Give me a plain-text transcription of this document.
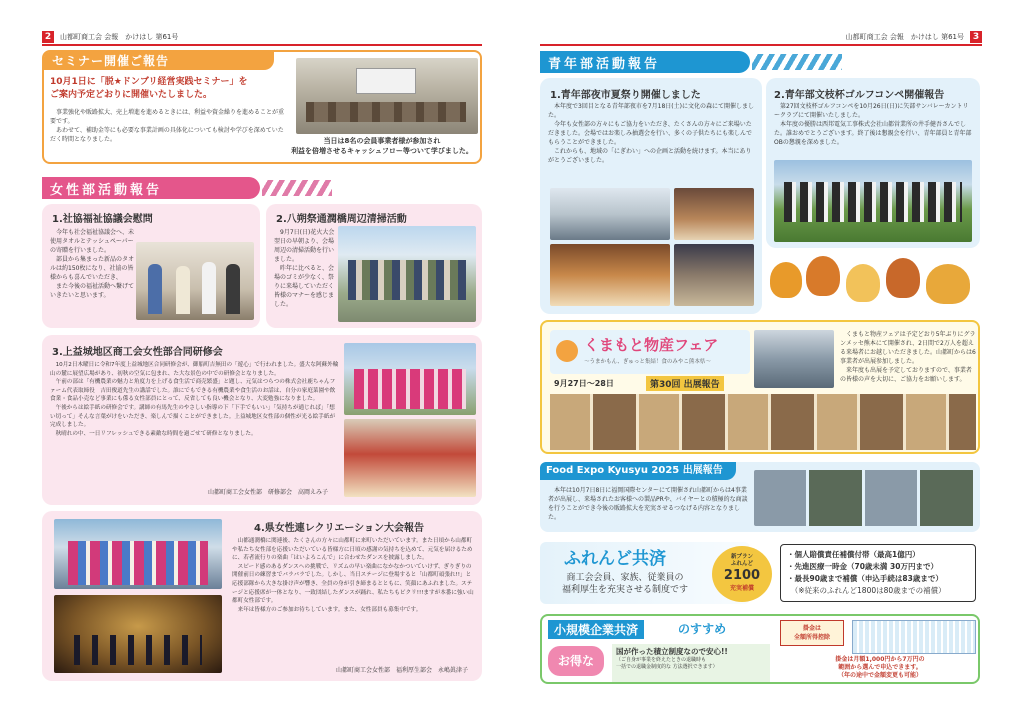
2	山都町商工会 会報　かけはし 第61号
セミナー開催ご報告
10月1日に「脱★ドンブリ経営実践セミナー」を
ご案内予定どおりに開催いたしました。
　事業強化や販路拡大、売上増進を進めるときには、利益や資金繰りを進めることが重要です。
　あわせて、補助金等にも必要な事業計画の具体化についても検討や学びを深めていただく時間となりました。	当日は8名の会員事業者様が参加され
利益を倍増させるキャッシュフロー等ついて学びました。
女性部活動報告
1.社協福祉協議会慰問
　今年も社会福祉協議会へ、未使用タオルとテッシュペーパーの寄贈を行いました。
　部員から集まった新品のタオルは約150枚になり、社協の皆様からも喜んでいただき、
　また今後の福祉活動へ繋げていきたいと思います。
2.八朔祭通潤橋周辺清掃活動
　9月7日(日)花火大会翌日の早朝より、会場周辺の清掃活動を行いました。
　昨年に比べると、会場のゴミが少なく、祭りに来場していただく皆様のマナーを感じました。
3.上益城地区商工会女性部合同研修会
　10月2日木曜日に令和7年度上益城地区合同研修会が、御船町吉無田の「遊心」で行われました。盛大な阿蘇外輪山の麓に展望広場があり、初秋の空気に包まれ、た大な景色の中での研修会となりました。
　午前の部は「有機農業の魅力と角度力を上げる食生活で商売繁盛」と題し、元気はつらつの株式会社鹿ちゃんファーム代表取締役　吉田俊道先生の講話でした。誰にでもできる有機農業や食生活のお話は、自分の家庭菜園や飲食業・食品小売など事業にも係る女性部員にとって、反省しても良い機会となり、大変勉強になりました。
　午後からは絵手紙の研修会です。講師の有馬先生のやさしい指導の下「下手でもいい」「気持ちが通じれば」「想い切って」そんな言葉がけをいただき、楽しんで描くことができました。上益城地区女性部の個性が光る絵手紙が完成しました。
　秋晴れの中、一日リフレッシュできる素敵な時間を過ごせて研修となりました。
山都町商工会女性部　研修部会　高岡えみ子
4.県女性連レクリエーション大会報告
　山都通潤橋に関連後、たくさんの方々に山都町に来町いただいています。また日頃から山都町や私たち女性部を応援いただいている皆様方に日頃の感謝の気持ちを込めて、元気を届けるために、若者流行りの楽曲「はいよろこんで」に合わせたダンスを披露しました。
　スピード感のあるダンスへの挑戦で、リズムの早い楽曲になかなかついていけず、ぎりぎりの開催前日の練習までバラバラでした。しかし、当日ステージに登場すると「山都町頑張れ!!」と応援部隊から大きな掛け声が響き、全員の身が引き締まるとともに、笑顔にあふれました。ステージと応援席が一体となり、一致団結したダンスが踊れ、私たちもピクリ!!!ますが本番に強い山都町女性部です。
　来年は皆様方のご参加お待ちしています。また、女性部員も募集中です。
山都町商工会女性部　福利厚生部会　永嶋眞津子
山都町商工会 会報　かけはし 第61号 3
青年部活動報告
1.青年部夜市夏祭り開催しました
　本年度で3回目となる青年部夜市を7月18日(土)に文化の森にて開催しました。
　今年も女性部の方々にもご協力をいただき、たくさんの方々にご来場いただきました。会場ではお楽しみ抽選会を行い、多くの子供たちにも楽しんでもらうことができました。
　これからも、地域の「にぎわい」への企画と活動を続けます。本当にありがとうございました。
2.青年部文枝杯ゴルフコンペ開催報告
　第27回文枝杯ゴルフコンペを10月26日(日)に矢部サンバレーカントリークラブにて開催いたしました。
　本年度の優勝は西邦電気工事株式会社山都営業所の井手健吾さんでした。誰おめでとうございます。終了後は懇親会を行い、青年部員と青年部OBの懇親を深めました。
くまもと物産フェア
〜うまかもん、ぎゅっと集結！食のみやこ熊本県〜
9月27日〜28日	第30回 出展報告
　くまもと物産フェアは予定どおり5年ぶりにグランメッセ熊本にて開催され、2日間で2万人を超える来場者にお越しいただきました。山都町からは6事業者が出展参加しました。
　来年度も出展を予定しておりますので、事業者の皆様の声を大切に、ご協力をお願いします。
Food Expo Kyusyu 2025 出展報告
　本年は10月7日8日に福岡国際センターにて開催され山都町からは4事業者が出展し、来場されたお客様への製品PRや、バイヤーとの積極的な商談を行うことができ今後の販路拡大を充実させるつなげる内容となりました。
ふれんど共済
商工会会員、家族、従業員の
福利厚生を充実させる制度です
新プラン
ふれんど
2100
充実補償
・個人賠償責任補償付帯（最高1億円）
・先進医療一時金（70歳未満 30万円まで）
・最長90歳まで補償（申込手続は83歳まで）
　（※従来のふれんど1800は80歳までの補償）
小規模企業共済	のすすめ
お得な
国が作った積立制度なので安心!!
（ご自身が事業を終えたときの退職時も
一括での退職金制度的な 方法選択できます）
掛金は
全額所得控除
掛金は月額1,000円から7万円の
範囲から選んで申込できます。
（年の途中で金額変更も可能）
